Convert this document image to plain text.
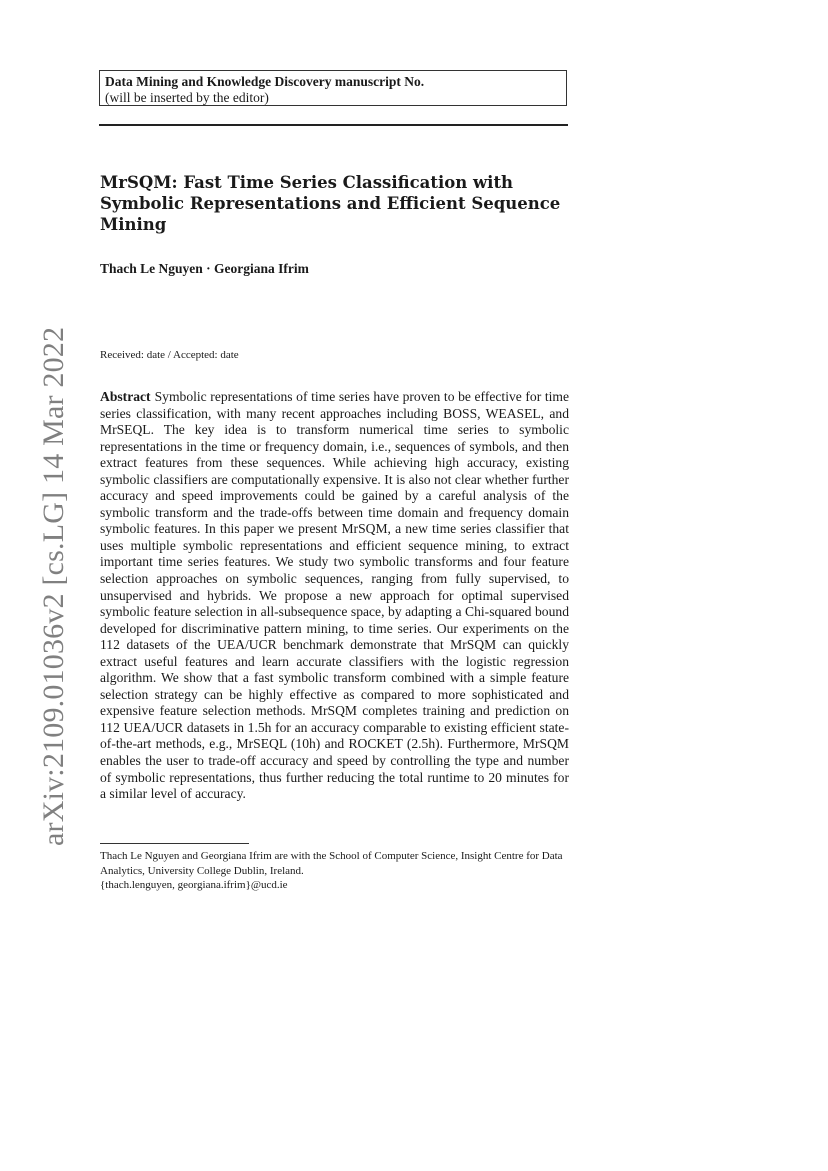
Data Mining and Knowledge Discovery manuscript No.
(will be inserted by the editor)
MrSQM: Fast Time Series Classification with Symbolic Representations and Efficient Sequence Mining
Thach Le Nguyen · Georgiana Ifrim
Received: date / Accepted: date
Abstract Symbolic representations of time series have proven to be effective for time series classification, with many recent approaches including BOSS, WEASEL, and MrSEQL. The key idea is to transform numerical time series to symbolic representations in the time or frequency domain, i.e., sequences of symbols, and then extract features from these sequences. While achieving high accuracy, existing symbolic classifiers are computationally expensive. It is also not clear whether further accuracy and speed improvements could be gained by a careful analysis of the symbolic transform and the trade-offs between time domain and frequency domain symbolic features. In this paper we present MrSQM, a new time series classifier that uses multiple symbolic representations and efficient sequence mining, to extract important time series features. We study two symbolic transforms and four feature selection approaches on symbolic sequences, ranging from fully supervised, to unsupervised and hybrids. We propose a new approach for optimal supervised symbolic feature selection in all-subsequence space, by adapting a Chi-squared bound developed for discriminative pattern mining, to time series. Our experiments on the 112 datasets of the UEA/UCR benchmark demonstrate that MrSQM can quickly extract useful features and learn accurate classifiers with the logistic regression algorithm. We show that a fast symbolic transform combined with a simple feature selection strategy can be highly effective as compared to more sophisticated and expensive feature selection methods. MrSQM completes training and prediction on 112 UEA/UCR datasets in 1.5h for an accuracy comparable to existing efficient state-of-the-art methods, e.g., MrSEQL (10h) and ROCKET (2.5h). Furthermore, MrSQM enables the user to trade-off accuracy and speed by controlling the type and number of symbolic representations, thus further reducing the total runtime to 20 minutes for a similar level of accuracy.
Thach Le Nguyen and Georgiana Ifrim are with the School of Computer Science, Insight Centre for Data Analytics, University College Dublin, Ireland.
{thach.lenguyen, georgiana.ifrim}@ucd.ie
arXiv:2109.01036v2 [cs.LG] 14 Mar 2022
